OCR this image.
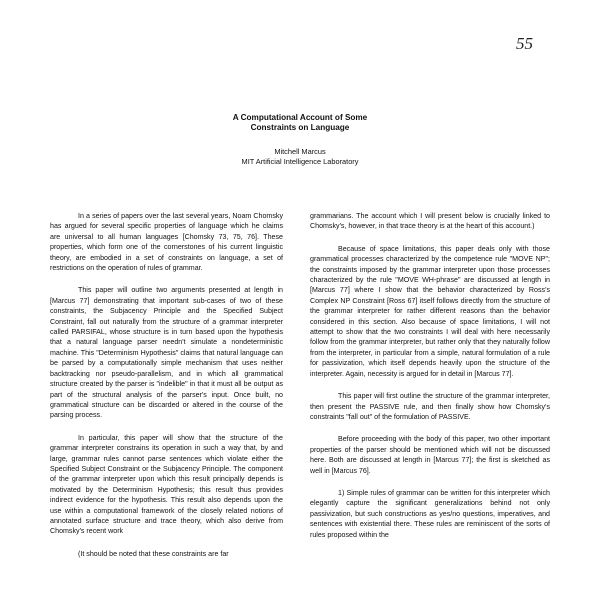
55
A Computational Account of Some
Constraints on Language
Mitchell Marcus
MIT Artificial Intelligence Laboratory

In a series of papers over the last several years, Noam Chomsky has argued for several specific properties of language which he claims are universal to all human languages [Chomsky 73, 75, 76]. These properties, which form one of the cornerstones of his current linguistic theory, are embodied in a set of constraints on language, a set of restrictions on the operation of rules of grammar.

This paper will outline two arguments presented at length in [Marcus 77] demonstrating that important sub-cases of two of these constraints, the Subjacency Principle and the Specified Subject Constraint, fall out naturally from the structure of a grammar interpreter called PARSIFAL, whose structure is in turn based upon the hypothesis that a natural language parser needn't simulate a nondeterministic machine. This "Determinism Hypothesis" claims that natural language can be parsed by a computationally simple mechanism that uses neither backtracking nor pseudo-parallelism, and in which all grammatical structure created by the parser is "indelible" in that it must all be output as part of the structural analysis of the parser's input. Once built, no grammatical structure can be discarded or altered in the course of the parsing process.

In particular, this paper will show that the structure of the grammar interpreter constrains its operation in such a way that, by and large, grammar rules cannot parse sentences which violate either the Specified Subject Constraint or the Subjacency Principle. The component of the grammar interpreter upon which this result principally depends is motivated by the Determinism Hypothesis; this result thus provides indirect evidence for the hypothesis. This result also depends upon the use within a computational framework of the closely related notions of annotated surface structure and trace theory, which also derive from Chomsky's recent work

(It should be noted that these constraints are far

grammarians. The account which I will present below is crucially linked to Chomsky's, however, in that trace theory is at the heart of this account.)

Because of space limitations, this paper deals only with those grammatical processes characterized by the competence rule "MOVE NP"; the constraints imposed by the grammar interpreter upon those processes characterized by the rule "MOVE WH-phrase" are discussed at length in [Marcus 77] where I show that the behavior characterized by Ross's Complex NP Constraint [Ross 67] itself follows directly from the structure of the grammar interpreter for rather different reasons than the behavior considered in this section. Also because of space limitations, I will not attempt to show that the two constraints I will deal with here necessarily follow from the grammar interpreter, but rather only that they naturally follow from the interpreter, in particular from a simple, natural formulation of a rule for passivization, which itself depends heavily upon the structure of the interpreter. Again, necessity is argued for in detail in [Marcus 77].

This paper will first outline the structure of the grammar interpreter, then present the PASSIVE rule, and then finally show how Chomsky's constraints "fall out" of the formulation of PASSIVE.

Before proceeding with the body of this paper, two other important properties of the parser should be mentioned which will not be discussed here. Both are discussed at length in [Marcus 77]; the first is sketched as well in [Marcus 76].

1) Simple rules of grammar can be written for this interpreter which elegantly capture the significant generalizations behind not only passivization, but such constructions as yes/no questions, imperatives, and sentences with existential there. These rules are reminiscent of the sorts of rules proposed within the
